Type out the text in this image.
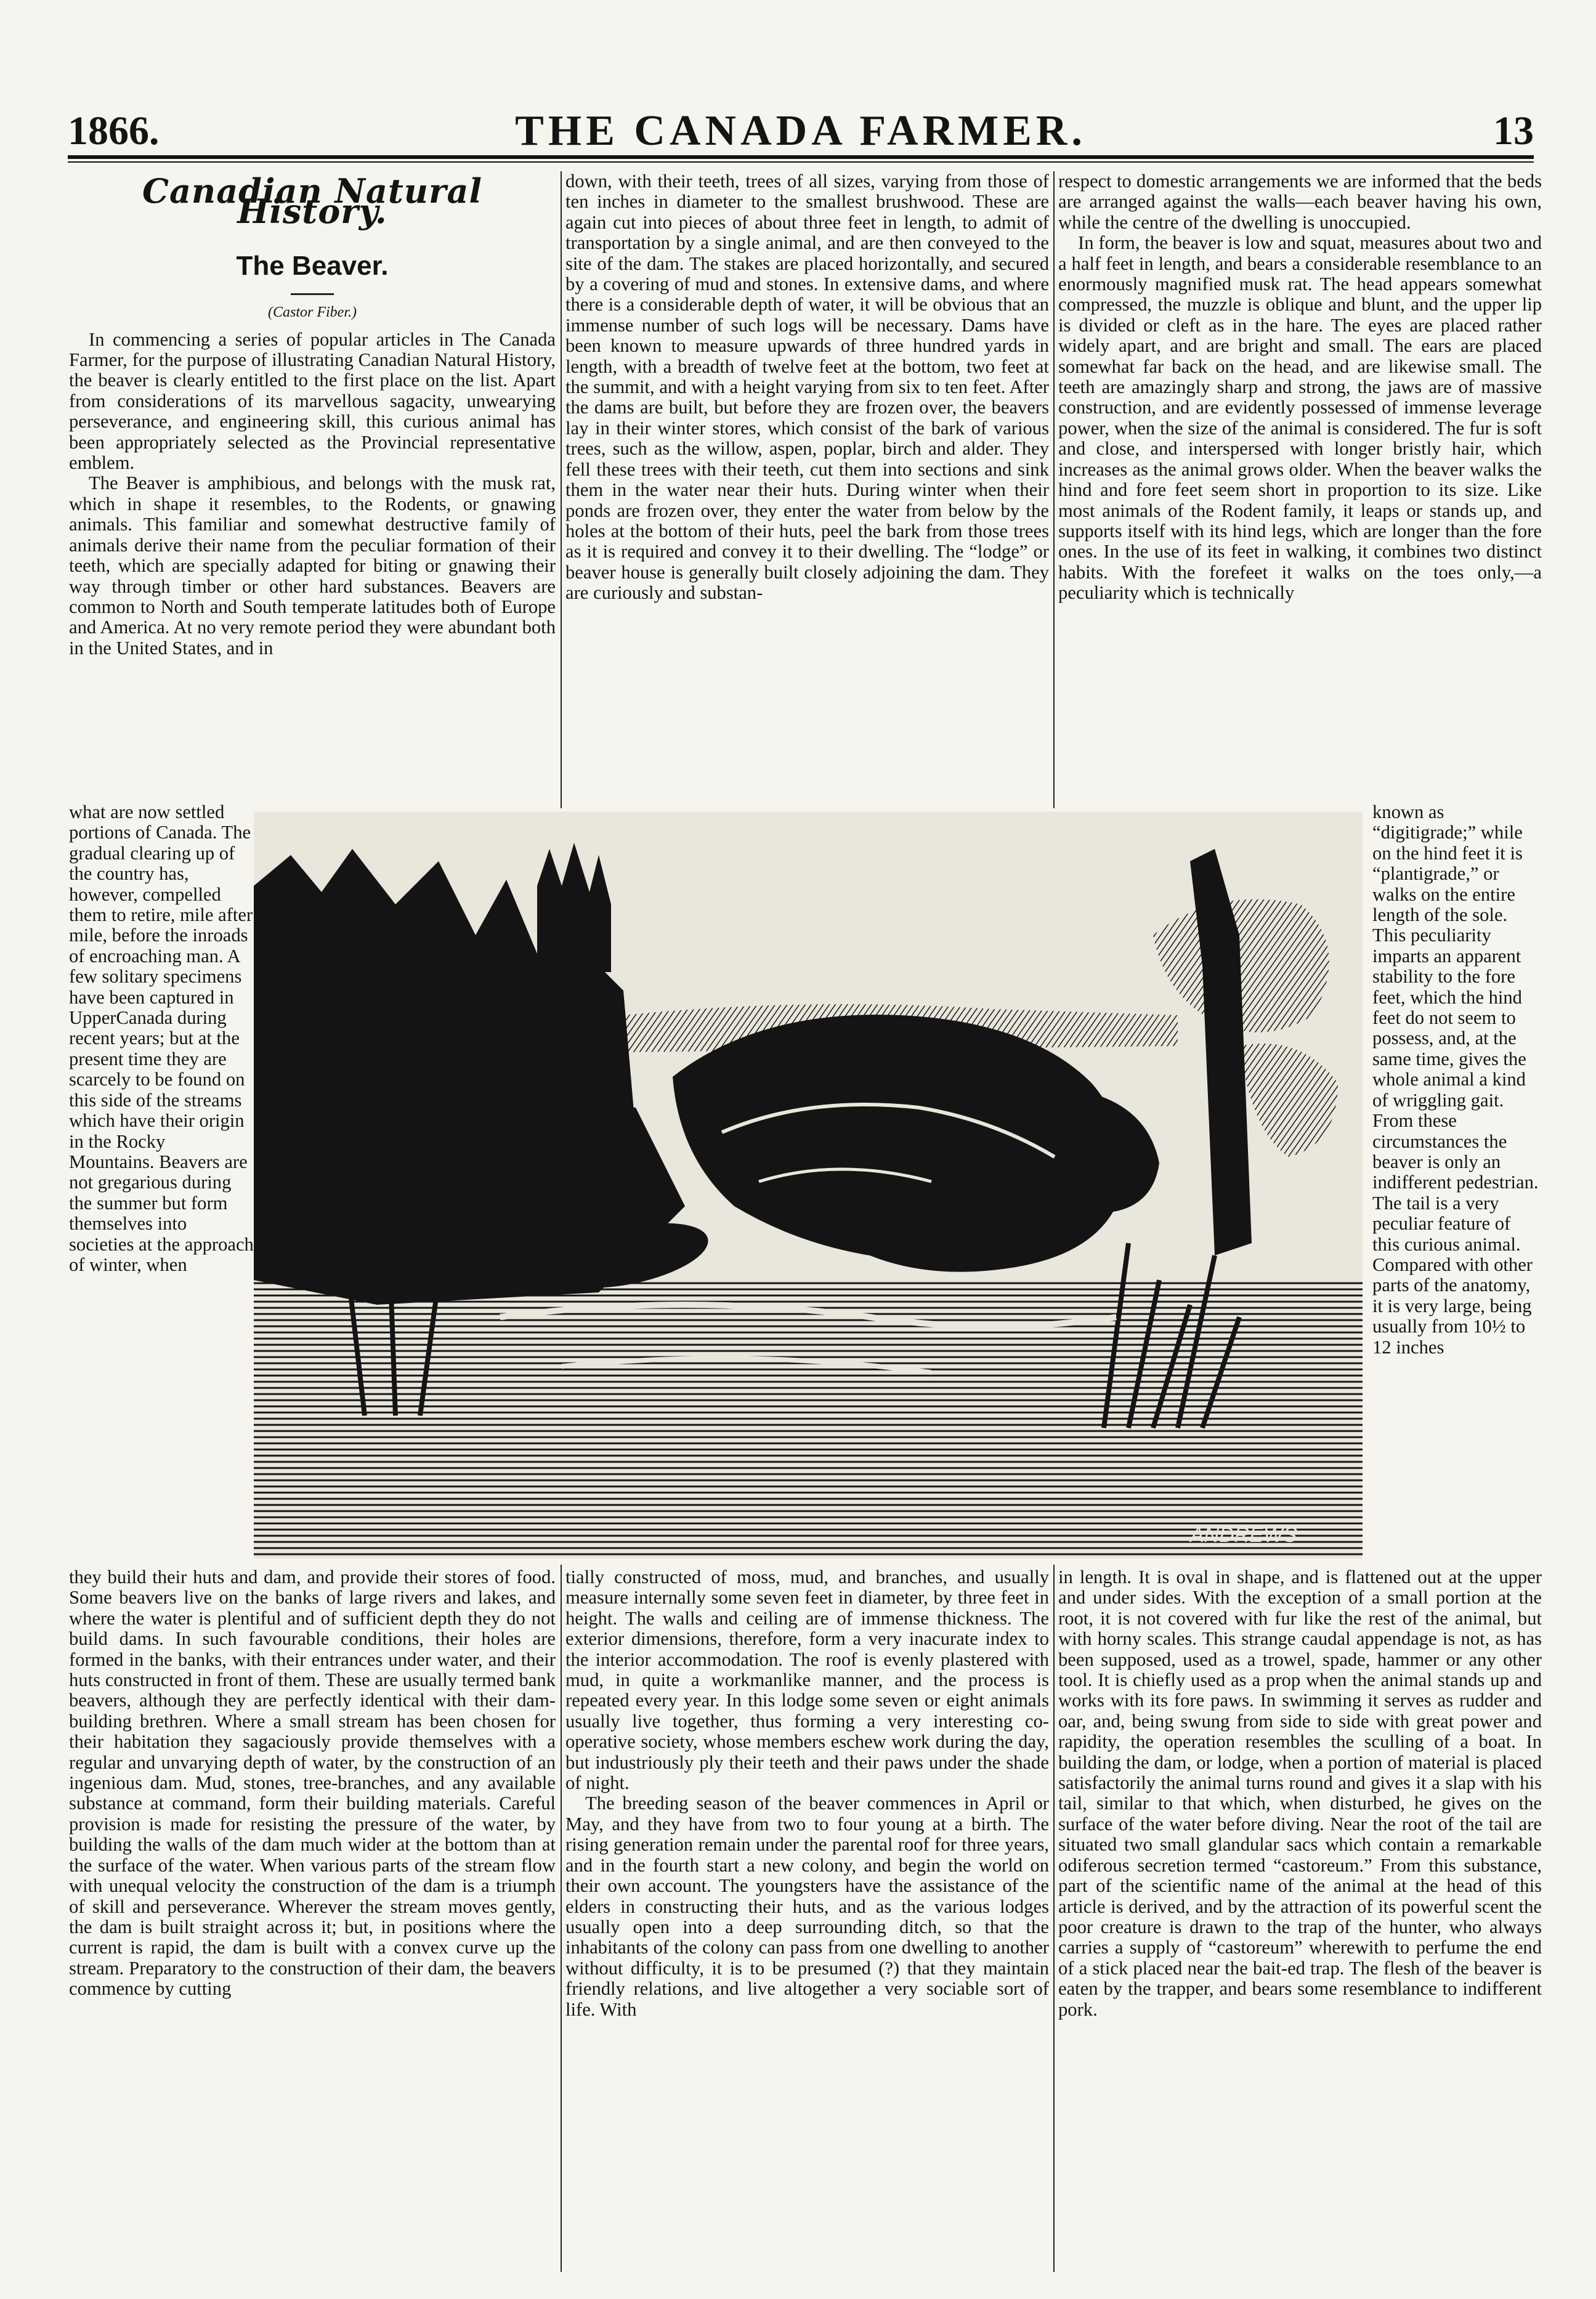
THE CANADA FARMER.
1866.	13
Canadian Natural History.
The Beaver.
(Castor Fiber.)

In commencing a series of popular articles in The Canada Farmer, for the purpose of illustrating Canadian Natural History, the beaver is clearly entitled to the first place on the list. Apart from considerations of its marvellous sagacity, unwearying perseverance, and engineering skill, this curious animal has been appropriately selected as the Provincial representative emblem.

The Beaver is amphibious, and belongs with the musk rat, which in shape it resembles, to the Rodents, or gnawing animals. This familiar and somewhat destructive family of animals derive their name from the peculiar formation of their teeth, which are specially adapted for biting or gnawing their way through timber or other hard substances. Beavers are common to North and South temperate latitudes both of Europe and America. At no very remote period they were abundant both in the United States, and in

down, with their teeth, trees of all sizes, varying from those of ten inches in diameter to the smallest brushwood. These are again cut into pieces of about three feet in length, to admit of transportation by a single animal, and are then conveyed to the site of the dam. The stakes are placed horizontally, and secured by a covering of mud and stones. In extensive dams, and where there is a considerable depth of water, it will be obvious that an immense number of such logs will be necessary. Dams have been known to measure upwards of three hundred yards in length, with a breadth of twelve feet at the bottom, two feet at the summit, and with a height varying from six to ten feet. After the dams are built, but before they are frozen over, the beavers lay in their winter stores, which consist of the bark of various trees, such as the willow, aspen, poplar, birch and alder. They fell these trees with their teeth, cut them into sections and sink them in the water near their huts. During winter when their ponds are frozen over, they enter the water from below by the holes at the bottom of their huts, peel the bark from those trees as it is required and convey it to their dwelling. The “lodge” or beaver house is generally built closely adjoining the dam. They are curiously and substan-

respect to domestic arrangements we are informed that the beds are arranged against the walls—each beaver having his own, while the centre of the dwelling is unoccupied.

In form, the beaver is low and squat, measures about two and a half feet in length, and bears a considerable resemblance to an enormously magnified musk rat. The head appears somewhat compressed, the muzzle is oblique and blunt, and the upper lip is divided or cleft as in the hare. The eyes are placed rather widely apart, and are bright and small. The ears are placed somewhat far back on the head, and are likewise small. The teeth are amazingly sharp and strong, the jaws are of massive construction, and are evidently possessed of immense leverage power, when the size of the animal is considered. The fur is soft and close, and interspersed with longer bristly hair, which increases as the animal grows older. When the beaver walks the hind and fore feet seem short in proportion to its size. Like most animals of the Rodent family, it leaps or stands up, and supports itself with its hind legs, which are longer than the fore ones. In the use of its feet in walking, it combines two distinct habits. With the forefeet it walks on the toes only,—a peculiarity which is technically

what are now settled portions of Canada. The gradual clearing up of the country has, however, compelled them to retire, mile after mile, before the inroads of encroaching man. A few solitary specimens have been captured in UpperCanada during recent years; but at the present time they are scarcely to be found on this side of the streams which have their origin in the Rocky Mountains. Beavers are not gregarious during the summer but form themselves into societies at the approach of winter, when

known as “digitigrade;” while on the hind feet it is “plantigrade,” or walks on the entire length of the sole. This peculiarity imparts an apparent stability to the fore feet, which the hind feet do not seem to possess, and, at the same time, gives the whole animal a kind of wriggling gait. From these circumstances the beaver is only an indifferent pedestrian. The tail is a very peculiar feature of this curious animal. Compared with other parts of the anatomy, it is very large, being usually from 10½ to 12 inches

ANDREWS

they build their huts and dam, and provide their stores of food. Some beavers live on the banks of large rivers and lakes, and where the water is plentiful and of sufficient depth they do not build dams. In such favourable conditions, their holes are formed in the banks, with their entrances under water, and their huts constructed in front of them. These are usually termed bank beavers, although they are perfectly identical with their dam-building brethren. Where a small stream has been chosen for their habitation they sagaciously provide themselves with a regular and unvarying depth of water, by the construction of an ingenious dam. Mud, stones, tree-branches, and any available substance at command, form their building materials. Careful provision is made for resisting the pressure of the water, by building the walls of the dam much wider at the bottom than at the surface of the water. When various parts of the stream flow with unequal velocity the construction of the dam is a triumph of skill and perseverance. Wherever the stream moves gently, the dam is built straight across it; but, in positions where the current is rapid, the dam is built with a convex curve up the stream. Preparatory to the construction of their dam, the beavers commence by cutting

tially constructed of moss, mud, and branches, and usually measure internally some seven feet in diameter, by three feet in height. The walls and ceiling are of immense thickness. The exterior dimensions, therefore, form a very inacurate index to the interior accommodation. The roof is evenly plastered with mud, in quite a workmanlike manner, and the process is repeated every year. In this lodge some seven or eight animals usually live together, thus forming a very interesting co-operative society, whose members eschew work during the day, but industriously ply their teeth and their paws under the shade of night.

The breeding season of the beaver commences in April or May, and they have from two to four young at a birth. The rising generation remain under the parental roof for three years, and in the fourth start a new colony, and begin the world on their own account. The youngsters have the assistance of the elders in constructing their huts, and as the various lodges usually open into a deep surrounding ditch, so that the inhabitants of the colony can pass from one dwelling to another without difficulty, it is to be presumed (?) that they maintain friendly relations, and live altogether a very sociable sort of life. With

in length. It is oval in shape, and is flattened out at the upper and under sides. With the exception of a small portion at the root, it is not covered with fur like the rest of the animal, but with horny scales. This strange caudal appendage is not, as has been supposed, used as a trowel, spade, hammer or any other tool. It is chiefly used as a prop when the animal stands up and works with its fore paws. In swimming it serves as rudder and oar, and, being swung from side to side with great power and rapidity, the operation resembles the sculling of a boat. In building the dam, or lodge, when a portion of material is placed satisfactorily the animal turns round and gives it a slap with his tail, similar to that which, when disturbed, he gives on the surface of the water before diving. Near the root of the tail are situated two small glandular sacs which contain a remarkable odiferous secretion termed “castoreum.” From this substance, part of the scientific name of the animal at the head of this article is derived, and by the attraction of its powerful scent the poor creature is drawn to the trap of the hunter, who always carries a supply of “castoreum” wherewith to perfume the end of a stick placed near the bait-ed trap. The flesh of the beaver is eaten by the trapper, and bears some resemblance to indifferent pork.
